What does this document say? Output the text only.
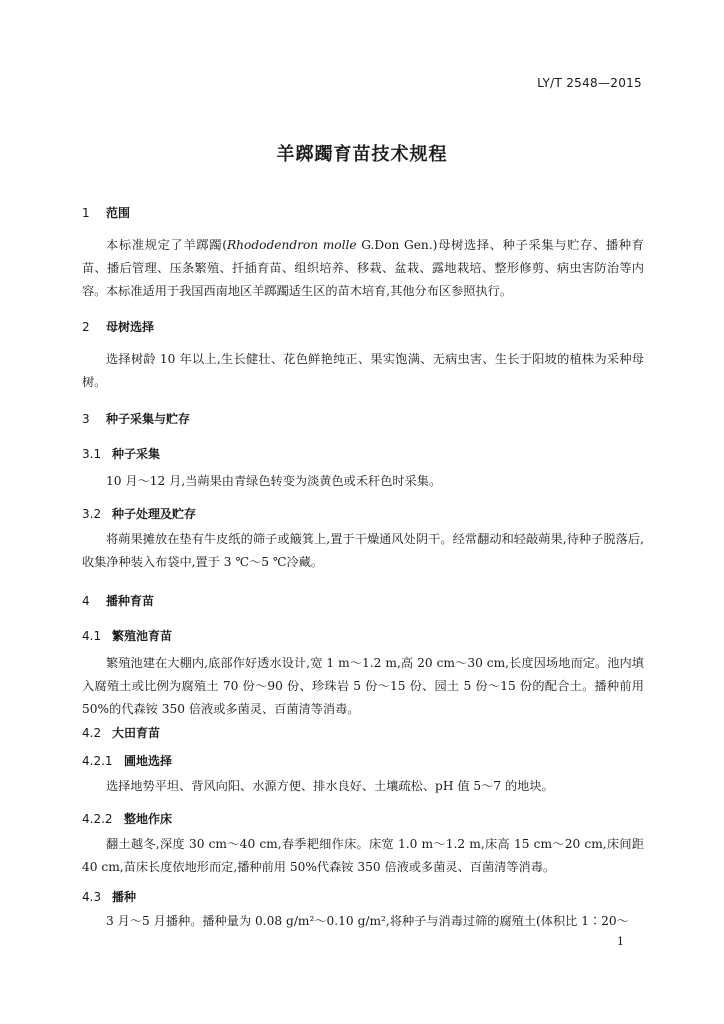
LY/T 2548—2015
羊踯躅育苗技术规程
1 范围

本标准规定了羊踯躅(Rhododendron molle G.Don Gen.)母树选择、种子采集与贮存、播种育苗、播后管理、压条繁殖、扦插育苗、组织培养、移栽、盆栽、露地栽培、整形修剪、病虫害防治等内容。 本标准适用于我国西南地区羊踯躅适生区的苗木培育,其他分布区参照执行。

2 母树选择

选择树龄 10 年以上,生长健壮、花色鲜艳纯正、果实饱满、无病虫害、生长于阳坡的植株为采种母树。

3 种子采集与贮存
3.1 种子采集

10 月～12 月,当蒴果由青绿色转变为淡黄色或禾秆色时采集。

3.2 种子处理及贮存

将蒴果摊放在垫有牛皮纸的筛子或簸箕上,置于干燥通风处阴干。经常翻动和轻敲蒴果,待种子脱落后,收集净种装入布袋中,置于 3 ℃～5 ℃冷藏。

4 播种育苗
4.1 繁殖池育苗

繁殖池建在大棚内,底部作好透水设计,宽 1 m～1.2 m,高 20 cm～30 cm,长度因场地而定。池内填入腐殖土或比例为腐殖土 70 份～90 份、珍珠岩 5 份～15 份、园土 5 份～15 份的配合土。播种前用 50%的代森铵 350 倍液或多菌灵、百菌清等消毒。

4.2 大田育苗
4.2.1 圃地选择

选择地势平坦、背风向阳、水源方便、排水良好、土壤疏松、pH 值 5～7 的地块。

4.2.2 整地作床

翻土越冬,深度 30 cm～40 cm,春季耙细作床。床宽 1.0 m～1.2 m,床高 15 cm～20 cm,床间距 40 cm,苗床长度依地形而定,播种前用 50%代森铵 350 倍液或多菌灵、百菌清等消毒。

4.3 播种

3 月～5 月播种。播种量为 0.08 g/m²～0.10 g/m²,将种子与消毒过筛的腐殖土(体积比 1∶20～

1
